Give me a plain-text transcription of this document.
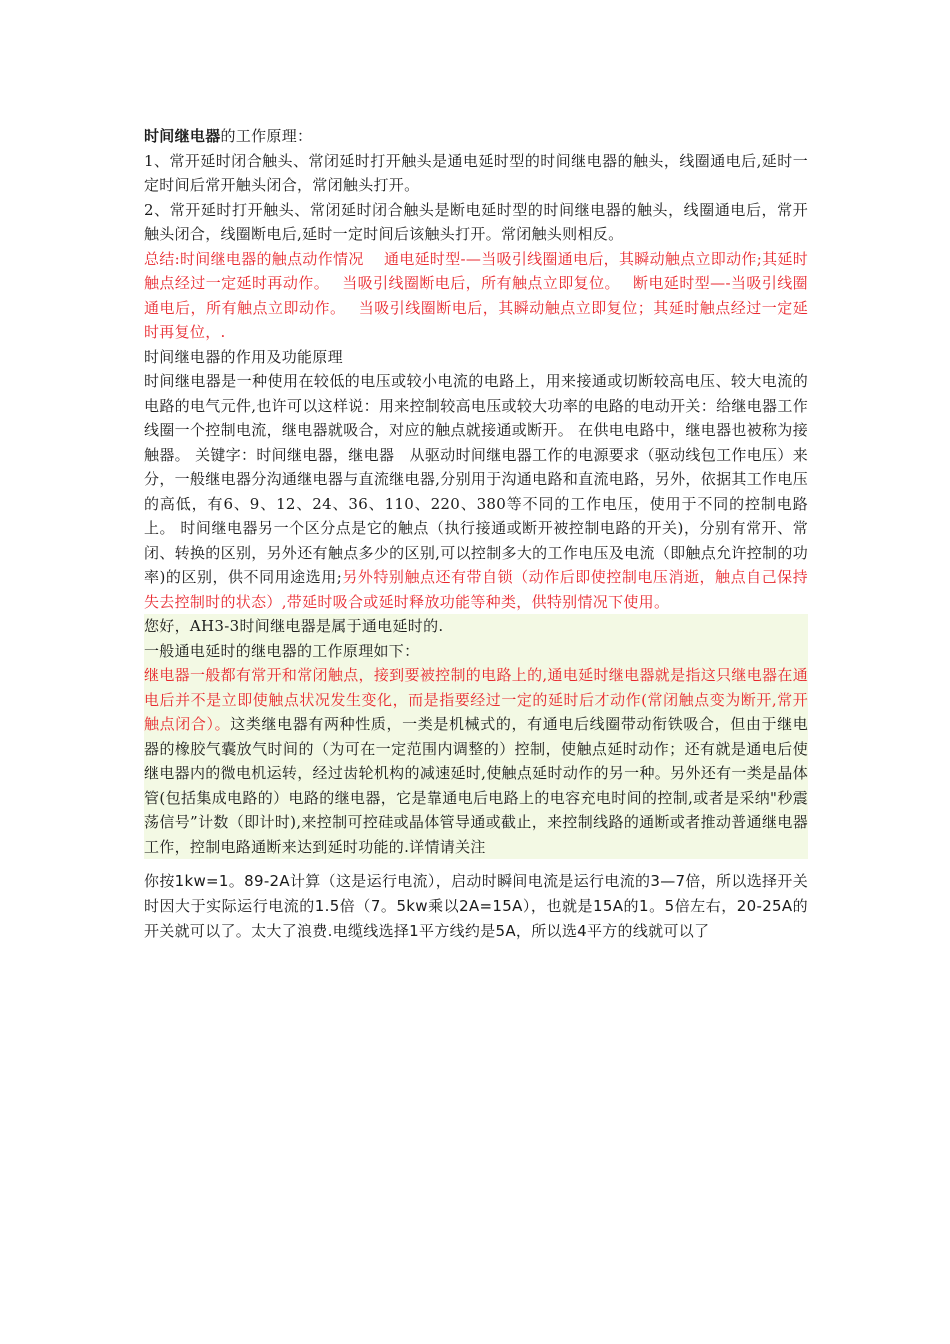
时间继电器的工作原理：

1、常开延时闭合触头、常闭延时打开触头是通电延时型的时间继电器的触头，线圈通电后,延时一定时间后常开触头闭合，常闭触头打开。

2、常开延时打开触头、常闭延时闭合触头是断电延时型的时间继电器的触头，线圈通电后，常开触头闭合，线圈断电后,延时一定时间后该触头打开。常闭触头则相反。

总结:时间继电器的触点动作情况　 通电延时型-—当吸引线圈通电后，其瞬动触点立即动作;其延时触点经过一定延时再动作。　 当吸引线圈断电后，所有触点立即复位。　 断电延时型—-当吸引线圈通电后，所有触点立即动作。　 当吸引线圈断电后，其瞬动触点立即复位；其延时触点经过一定延时再复位，.

时间继电器的作用及功能原理

时间继电器是一种使用在较低的电压或较小电流的电路上，用来接通或切断较高电压、较大电流的电路的电气元件,也许可以这样说：用来控制较高电压或较大功率的电路的电动开关：给继电器工作线圈一个控制电流，继电器就吸合，对应的触点就接通或断开。 在供电电路中，继电器也被称为接触器。 关键字：时间继电器，继电器　从驱动时间继电器工作的电源要求（驱动线包工作电压）来分，一般继电器分沟通继电器与直流继电器,分别用于沟通电路和直流电路，另外，依据其工作电压的高低，有6、9、12、24、36、110、220、380等不同的工作电压，使用于不同的控制电路上。 时间继电器另一个区分点是它的触点（执行接通或断开被控制电路的开关)，分别有常开、常闭、转换的区别，另外还有触点多少的区别,可以控制多大的工作电压及电流（即触点允许控制的功率)的区别，供不同用途选用;另外特别触点还有带自锁（动作后即使控制电压消逝，触点自己保持失去控制时的状态）,带延时吸合或延时释放功能等种类，供特别情况下使用。

您好，AH3-3时间继电器是属于通电延时的.

一般通电延时的继电器的工作原理如下：

继电器一般都有常开和常闭触点，接到要被控制的电路上的,通电延时继电器就是指这只继电器在通电后并不是立即使触点状况发生变化，而是指要经过一定的延时后才动作(常闭触点变为断开,常开触点闭合）。这类继电器有两种性质，一类是机械式的，有通电后线圈带动衔铁吸合，但由于继电器的橡胶气囊放气时间的（为可在一定范围内调整的）控制，使触点延时动作；还有就是通电后使继电器内的微电机运转，经过齿轮机构的减速延时,使触点延时动作的另一种。另外还有一类是晶体管(包括集成电路的）电路的继电器，它是靠通电后电路上的电容充电时间的控制,或者是采纳"秒震荡信号”计数（即计时),来控制可控硅或晶体管导通或截止，来控制线路的通断或者推动普通继电器工作，控制电路通断来达到延时功能的.详情请关注

你按1kw=1。89-2A计算（这是运行电流），启动时瞬间电流是运行电流的3—7倍，所以选择开关时因大于实际运行电流的1.5倍（7。5kw乘以2A=15A），也就是15A的1。5倍左右，20-25A的开关就可以了。太大了浪费.电缆线选择1平方线约是5A，所以选4平方的线就可以了
